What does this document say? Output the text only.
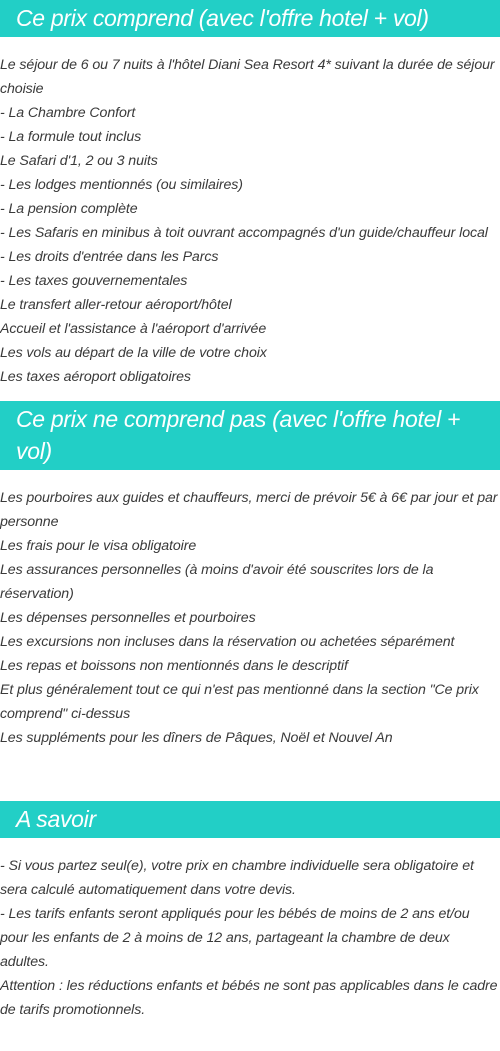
Ce prix comprend (avec l'offre hotel + vol)
Le séjour de 6 ou 7 nuits à l'hôtel Diani Sea Resort 4* suivant la durée de séjour choisie
- La Chambre Confort
- La formule tout inclus
Le Safari d'1, 2 ou 3 nuits
- Les lodges mentionnés (ou similaires)
- La pension complète
- Les Safaris en minibus à toit ouvrant accompagnés d'un guide/chauffeur local
- Les droits d'entrée dans les Parcs
- Les taxes gouvernementales
Le transfert aller-retour aéroport/hôtel
Accueil et l'assistance à l'aéroport d'arrivée
Les vols au départ de la ville de votre choix
Les taxes aéroport obligatoires
Ce prix ne comprend pas (avec l'offre hotel + vol)
Les pourboires aux guides et chauffeurs, merci de prévoir 5€ à 6€ par jour et par personne
Les frais pour le visa obligatoire
Les assurances personnelles (à moins d'avoir été souscrites lors de la réservation)
Les dépenses personnelles et pourboires
Les excursions non incluses dans la réservation ou achetées séparément
Les repas et boissons non mentionnés dans le descriptif
Et plus généralement tout ce qui n'est pas mentionné dans la section "Ce prix comprend" ci-dessus
Les suppléments pour les dîners de Pâques, Noël et Nouvel An
A savoir
- Si vous partez seul(e), votre prix en chambre individuelle sera obligatoire et sera calculé automatiquement dans votre devis.
- Les tarifs enfants seront appliqués pour les bébés de moins de 2 ans et/ou pour les enfants de 2 à moins de 12 ans, partageant la chambre de deux adultes.
Attention : les réductions enfants et bébés ne sont pas applicables dans le cadre de tarifs promotionnels.
